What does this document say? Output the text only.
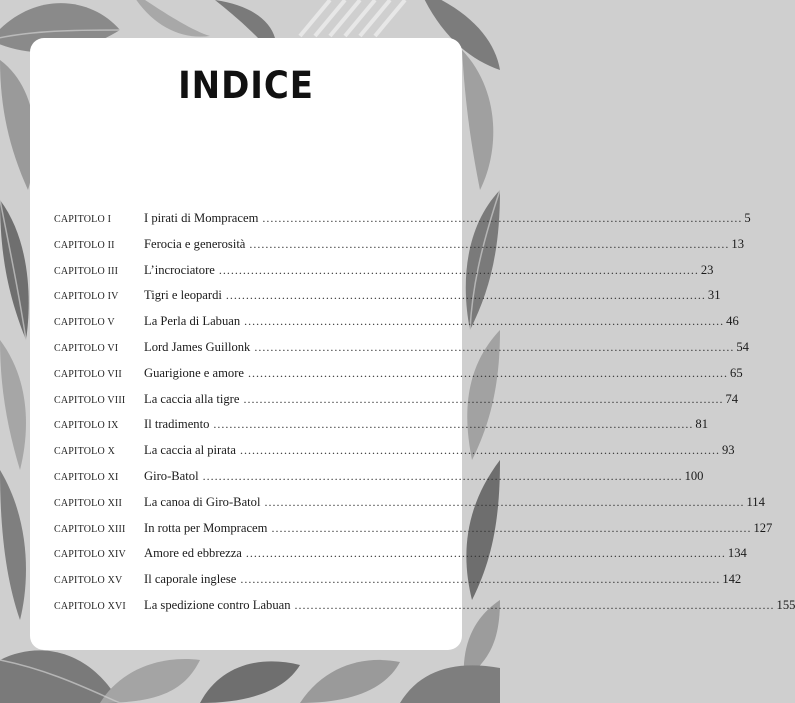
INDICE
CAPITOLO I	I pirati di Mompracem ........................................................................................................................ 5
CAPITOLO II	Ferocia e generosità ........................................................................................................................ 13
CAPITOLO III	L’incrociatore ........................................................................................................................ 23
CAPITOLO IV	Tigri e leopardi ........................................................................................................................ 31
CAPITOLO V	La Perla di Labuan ........................................................................................................................ 46
CAPITOLO VI	Lord James Guillonk ........................................................................................................................ 54
CAPITOLO VII	Guarigione e amore ........................................................................................................................ 65
CAPITOLO VIII	La caccia alla tigre ........................................................................................................................ 74
CAPITOLO IX	Il tradimento ........................................................................................................................ 81
CAPITOLO X	La caccia al pirata ........................................................................................................................ 93
CAPITOLO XI	Giro-Batol ........................................................................................................................ 100
CAPITOLO XII	La canoa di Giro-Batol ........................................................................................................................ 114
CAPITOLO XIII	In rotta per Mompracem ........................................................................................................................ 127
CAPITOLO XIV	Amore ed ebbrezza ........................................................................................................................ 134
CAPITOLO XV	Il caporale inglese ........................................................................................................................ 142
CAPITOLO XVI	La spedizione contro Labuan ........................................................................................................................ 155
